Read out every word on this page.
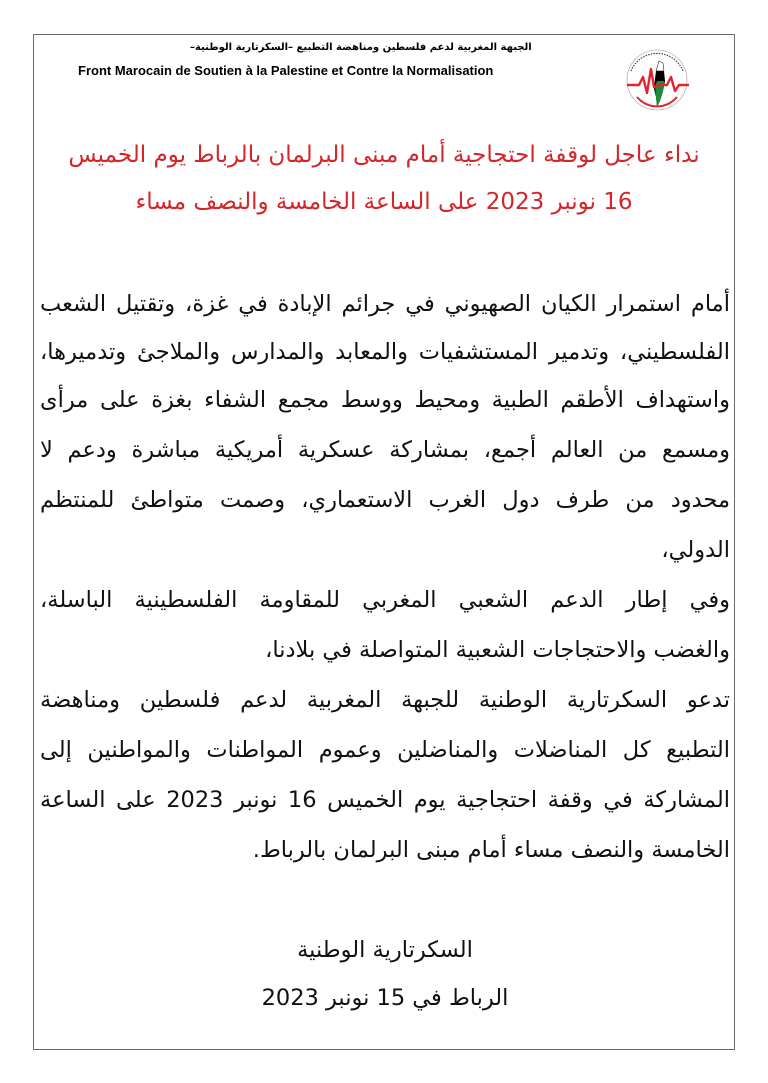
الجبهة المغربية لدعم فلسطين ومناهضة التطبيع –السكرتارية الوطنية–
Front Marocain de Soutien à la Palestine et Contre la Normalisation
نداء عاجل لوقفة احتجاجية أمام مبنى البرلمان بالرباط يوم الخميس
16 نونبر 2023 على الساعة الخامسة والنصف مساء
أمام استمرار الكيان الصهيوني في جرائم الإبادة في غزة، وتقتيل الشعب
الفلسطيني، وتدمير المستشفيات والمعابد والمدارس والملاجئ وتدميرها،
واستهداف الأطقم الطبية ومحيط ووسط مجمع الشفاء بغزة على مرأى
ومسمع من العالم أجمع، بمشاركة عسكرية أمريكية مباشرة ودعم لا
محدود من طرف دول الغرب الاستعماري، وصمت متواطئ للمنتظم
الدولي،
وفي إطار الدعم الشعبي المغربي للمقاومة الفلسطينية الباسلة،
والغضب والاحتجاجات الشعبية المتواصلة في بلادنا،
تدعو السكرتارية الوطنية للجبهة المغربية لدعم فلسطين ومناهضة
التطبيع كل المناضلات والمناضلين وعموم المواطنات والمواطنين إلى
المشاركة في وقفة احتجاجية يوم الخميس 16 نونبر 2023 على الساعة
الخامسة والنصف مساء أمام مبنى البرلمان بالرباط.
السكرتارية الوطنية
الرباط في 15 نونبر 2023
